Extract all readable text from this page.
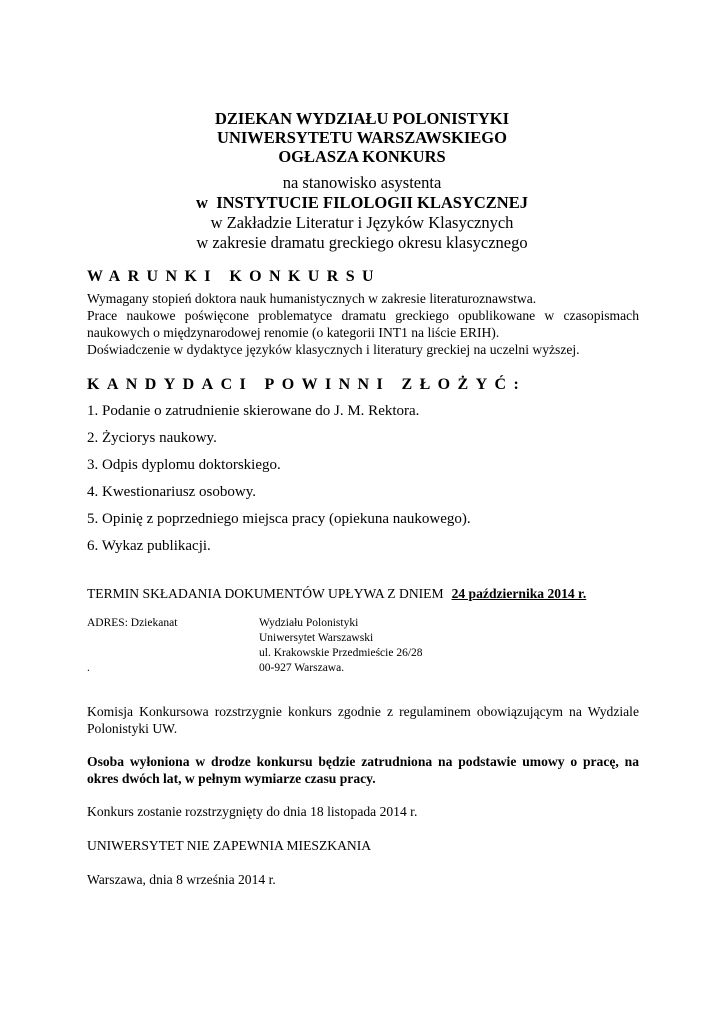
DZIEKAN WYDZIAŁU POLONISTYKI
UNIWERSYTETU WARSZAWSKIEGO
OGŁASZA KONKURS
na stanowisko asystenta
w INSTYTUCIE FILOLOGII KLASYCZNEJ
w Zakładzie Literatur i Języków Klasycznych
w zakresie dramatu greckiego okresu klasycznego
WARUNKI KONKURSU
Wymagany stopień doktora nauk humanistycznych w zakresie literaturoznawstwa.
Prace naukowe poświęcone problematyce dramatu greckiego opublikowane w czasopismach naukowych o międzynarodowej renomie (o kategorii INT1 na liście ERIH).
Doświadczenie w dydaktyce języków klasycznych i literatury greckiej na uczelni wyższej.
KANDYDACI POWINNI ZŁOŻYĆ:
1. Podanie o zatrudnienie skierowane do J. M. Rektora.
2. Życiorys naukowy.
3. Odpis dyplomu doktorskiego.
4. Kwestionariusz osobowy.
5. Opinię z poprzedniego miejsca pracy (opiekuna naukowego).
6. Wykaz publikacji.
TERMIN SKŁADANIA DOKUMENTÓW UPŁYWA Z DNIEM 24 października 2014 r.
ADRES: Dziekanat	Wydziału Polonistyki
Uniwersytet Warszawski
ul. Krakowskie Przedmieście 26/28
00-927 Warszawa.
.
Komisja Konkursowa rozstrzygnie konkurs zgodnie z regulaminem obowiązującym na Wydziale Polonistyki UW.
Osoba wyłoniona w drodze konkursu będzie zatrudniona na podstawie umowy o pracę, na okres dwóch lat, w pełnym wymiarze czasu pracy.
Konkurs zostanie rozstrzygnięty do dnia 18 listopada 2014 r.
UNIWERSYTET NIE ZAPEWNIA MIESZKANIA
Warszawa, dnia 8 września 2014 r.
